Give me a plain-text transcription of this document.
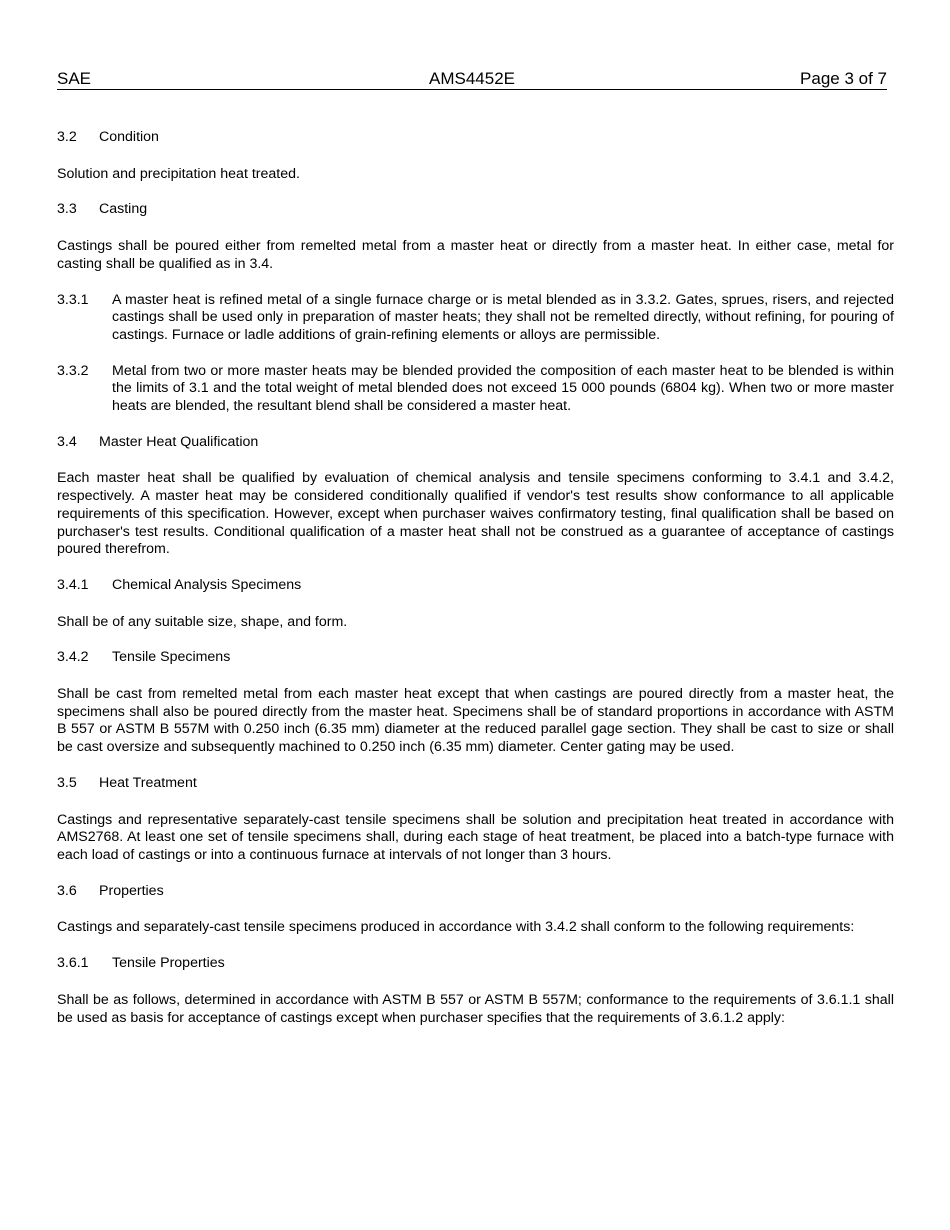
SAE	AMS4452E	Page 3 of 7
3.2 Condition

Solution and precipitation heat treated.

3.3 Casting

Castings shall be poured either from remelted metal from a master heat or directly from a master heat. In either case, metal for casting shall be qualified as in 3.4.

3.3.1	A master heat is refined metal of a single furnace charge or is metal blended as in 3.3.2. Gates, sprues, risers, and rejected castings shall be used only in preparation of master heats; they shall not be remelted directly, without refining, for pouring of castings. Furnace or ladle additions of grain-refining elements or alloys are permissible.
3.3.2	Metal from two or more master heats may be blended provided the composition of each master heat to be blended is within the limits of 3.1 and the total weight of metal blended does not exceed 15 000 pounds (6804 kg). When two or more master heats are blended, the resultant blend shall be considered a master heat.
3.4 Master Heat Qualification

Each master heat shall be qualified by evaluation of chemical analysis and tensile specimens conforming to 3.4.1 and 3.4.2, respectively. A master heat may be considered conditionally qualified if vendor's test results show conformance to all applicable requirements of this specification. However, except when purchaser waives confirmatory testing, final qualification shall be based on purchaser's test results. Conditional qualification of a master heat shall not be construed as a guarantee of acceptance of castings poured therefrom.

3.4.1 Chemical Analysis Specimens

Shall be of any suitable size, shape, and form.

3.4.2 Tensile Specimens

Shall be cast from remelted metal from each master heat except that when castings are poured directly from a master heat, the specimens shall also be poured directly from the master heat. Specimens shall be of standard proportions in accordance with ASTM B 557 or ASTM B 557M with 0.250 inch (6.35 mm) diameter at the reduced parallel gage section. They shall be cast to size or shall be cast oversize and subsequently machined to 0.250 inch (6.35 mm) diameter. Center gating may be used.

3.5 Heat Treatment

Castings and representative separately-cast tensile specimens shall be solution and precipitation heat treated in accordance with AMS2768. At least one set of tensile specimens shall, during each stage of heat treatment, be placed into a batch-type furnace with each load of castings or into a continuous furnace at intervals of not longer than 3 hours.

3.6 Properties

Castings and separately-cast tensile specimens produced in accordance with 3.4.2 shall conform to the following requirements:

3.6.1 Tensile Properties

Shall be as follows, determined in accordance with ASTM B 557 or ASTM B 557M; conformance to the requirements of 3.6.1.1 shall be used as basis for acceptance of castings except when purchaser specifies that the requirements of 3.6.1.2 apply:
